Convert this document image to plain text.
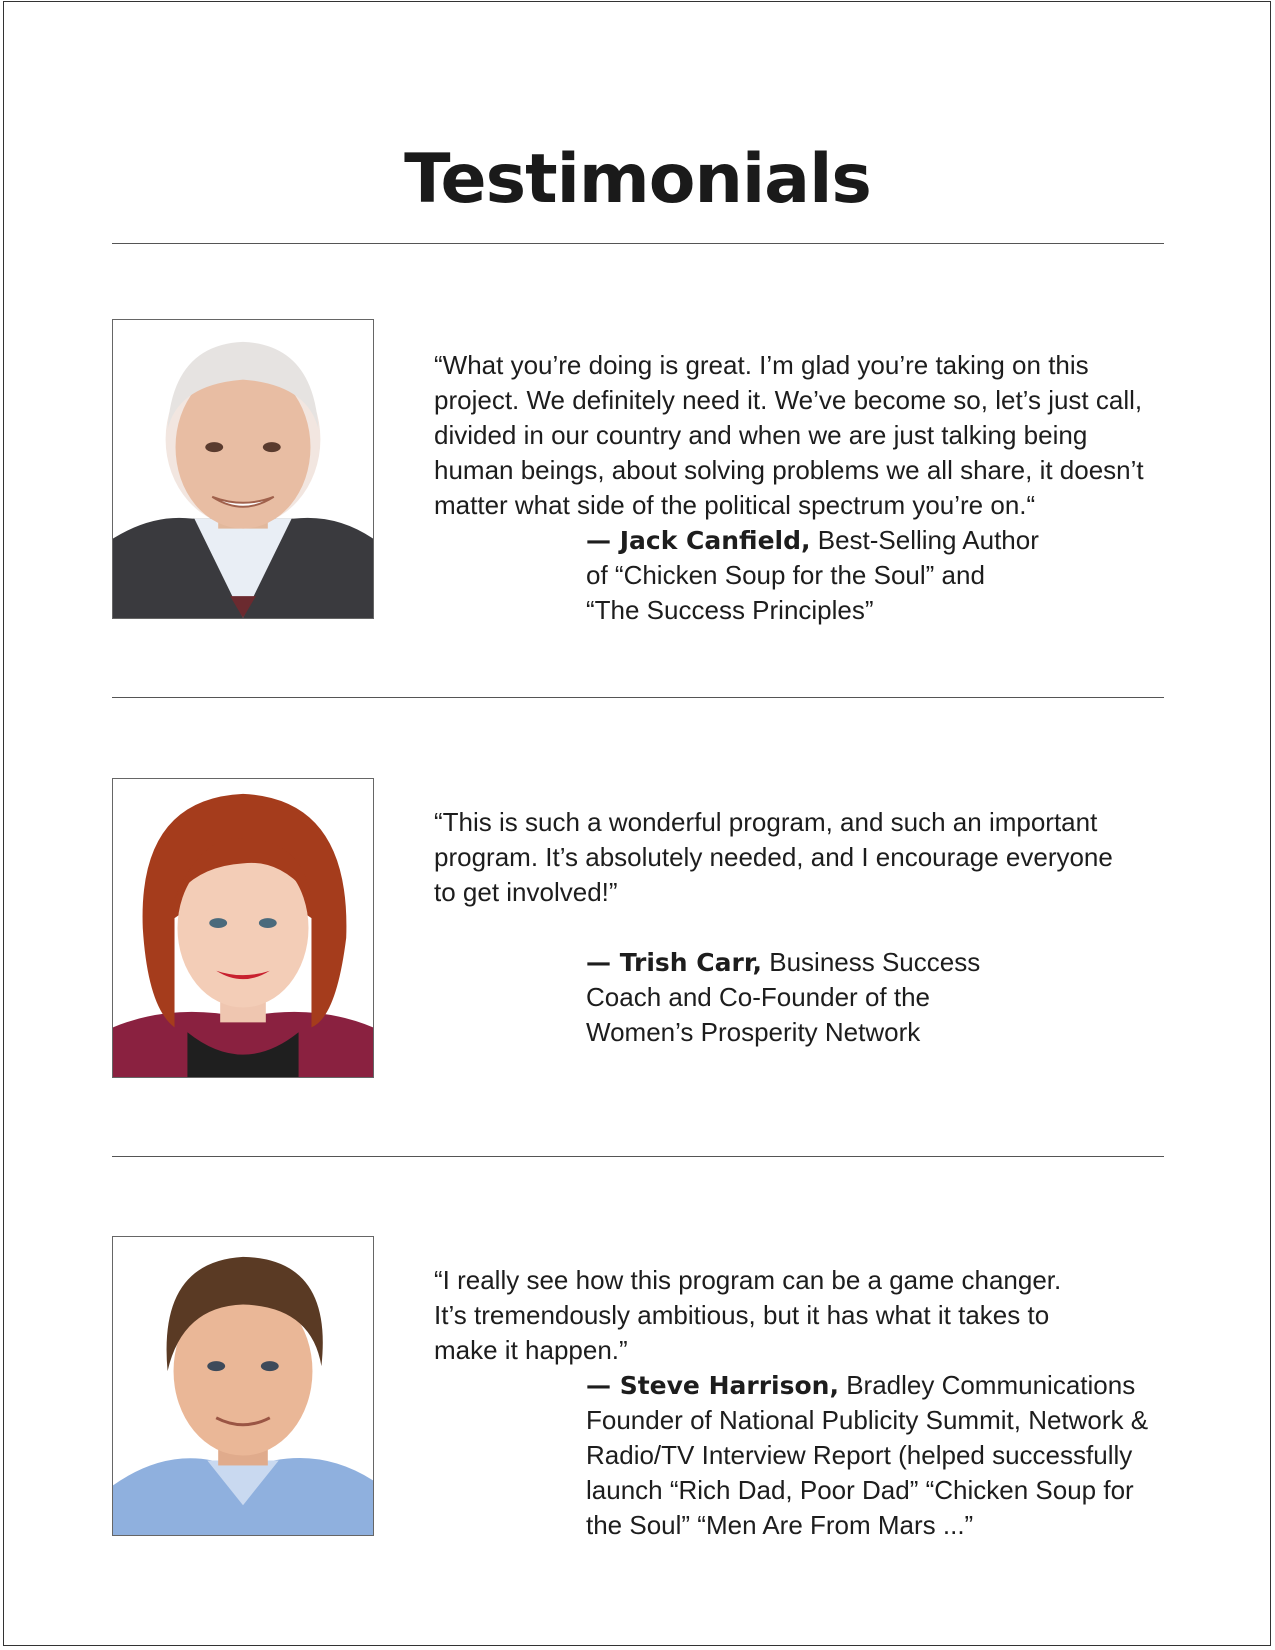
Testimonials
“What you’re doing is great. I’m glad you’re taking on this
project. We definitely need it. We’ve become so, let’s just call,
divided in our country and when we are just talking being
human beings, about solving problems we all share, it doesn’t
matter what side of the political spectrum you’re on.“
— Jack Canfield, Best-Selling Author
of “Chicken Soup for the Soul” and
“The Success Principles”
“This is such a wonderful program, and such an important
program. It’s absolutely needed, and I encourage everyone
to get involved!”
— Trish Carr, Business Success
Coach and Co-Founder of the
Women’s Prosperity Network
“I really see how this program can be a game changer.
It’s tremendously ambitious, but it has what it takes to
make it happen.”
— Steve Harrison, Bradley Communications
Founder of National Publicity Summit, Network &
Radio/TV Interview Report (helped successfully
launch “Rich Dad, Poor Dad” “Chicken Soup for
the Soul” “Men Are From Mars ...”
